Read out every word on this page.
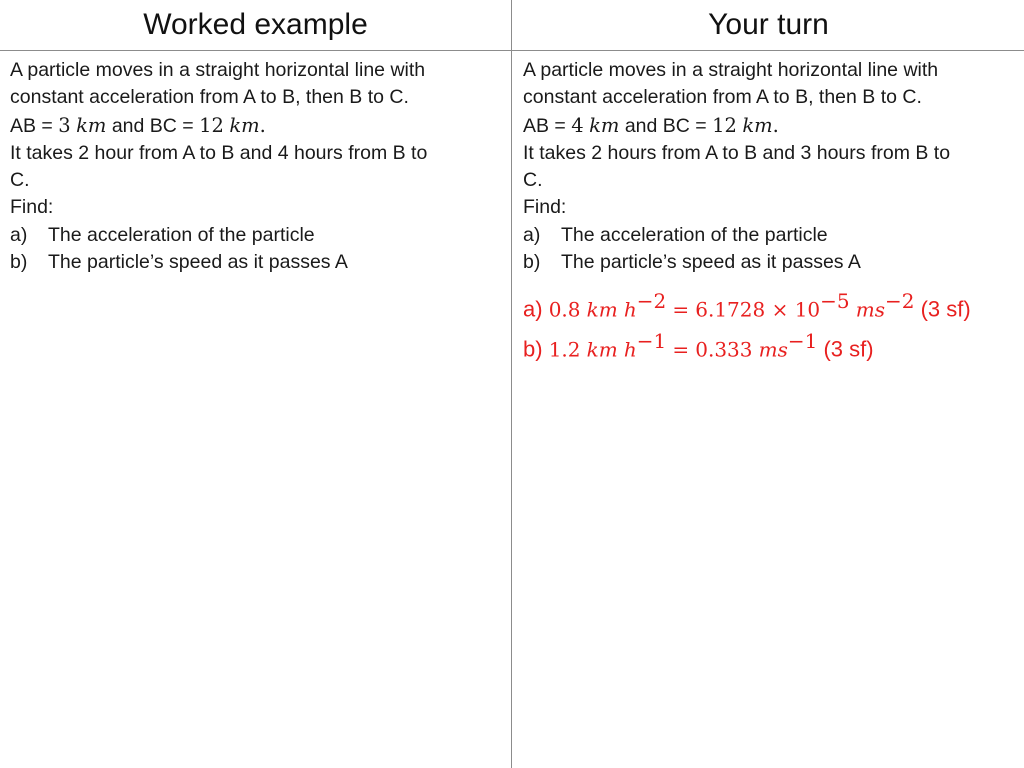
Worked example	Your turn
A particle moves in a straight horizontal line with
constant acceleration from A to B, then B to C.
AB = 3 km and BC = 12 km.
It takes 2 hour from A to B and 4 hours from B to
C.
Find:
a) The acceleration of the particle
b) The particle’s speed as it passes A
A particle moves in a straight horizontal line with
constant acceleration from A to B, then B to C.
AB = 4 km and BC = 12 km.
It takes 2 hours from A to B and 3 hours from B to
C.
Find:
a) The acceleration of the particle
b) The particle’s speed as it passes A
a) 0.8 km $h^{-2} = 6.1728 \times 10^{-5}$ $ms^{-2}$ (3 sf)
b) 1.2 km $h^{-1} = 0.333$ $ms^{-1}$ (3 sf)
